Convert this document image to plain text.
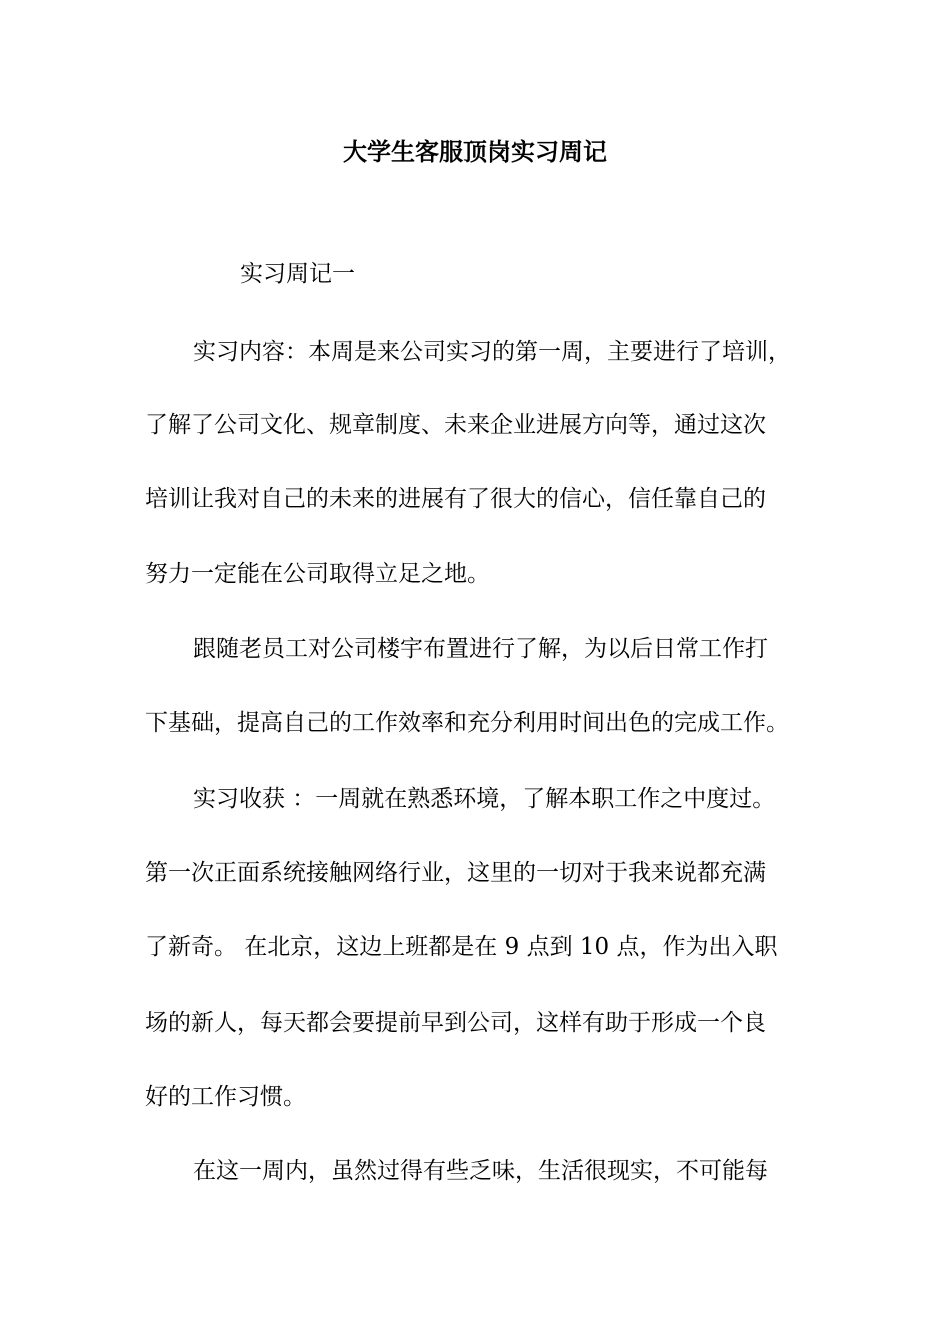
大学生客服顶岗实习周记

实习周记一

实习内容：本周是来公司实习的第一周，主要进行了培训，

了解了公司文化、规章制度、未来企业进展方向等，通过这次

培训让我对自己的未来的进展有了很大的信心，信任靠自己的

努力一定能在公司取得立足之地。

跟随老员工对公司楼宇布置进行了解，为以后日常工作打

下基础，提高自己的工作效率和充分利用时间出色的完成工作。

实习收获 ：一周就在熟悉环境，了解本职工作之中度过。

第一次正面系统接触网络行业，这里的一切对于我来说都充满

了新奇。 在北京，这边上班都是在 9 点到 10 点，作为出入职

场的新人，每天都会要提前早到公司，这样有助于形成一个良

好的工作习惯。

在这一周内，虽然过得有些乏味，生活很现实，不可能每
